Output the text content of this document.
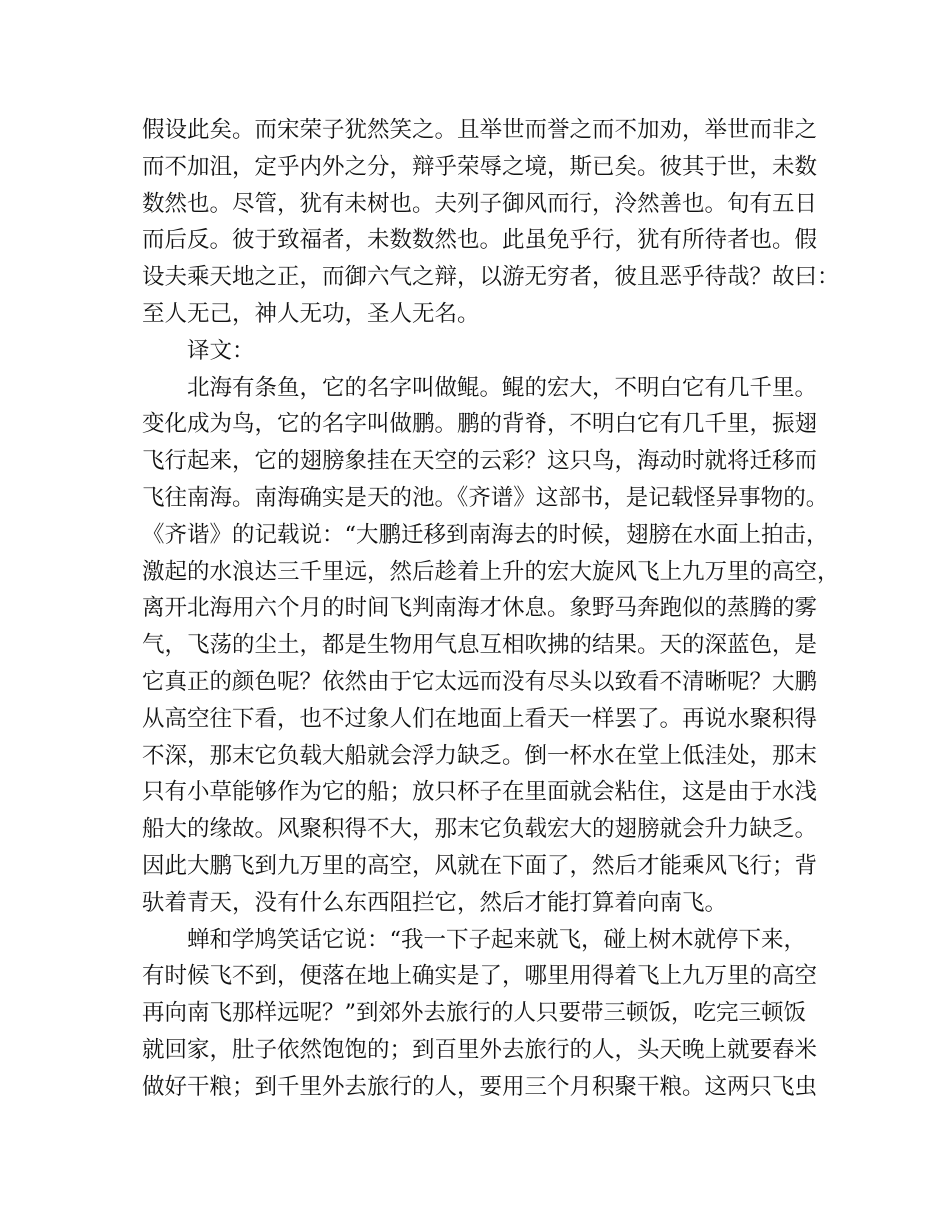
假设此矣。而宋荣子犹然笑之。且举世而誉之而不加劝，举世而非之
而不加沮，定乎内外之分，辩乎荣辱之境，斯已矣。彼其于世，未数
数然也。尽管，犹有未树也。夫列子御风而行，泠然善也。旬有五日
而后反。彼于致福者，未数数然也。此虽免乎行，犹有所待者也。假
设夫乘天地之正，而御六气之辩，以游无穷者，彼且恶乎待哉？故曰：
至人无己，神人无功，圣人无名。
译文：
北海有条鱼，它的名字叫做鲲。鲲的宏大，不明白它有几千里。
变化成为鸟，它的名字叫做鹏。鹏的背脊，不明白它有几千里，振翅
飞行起来，它的翅膀象挂在天空的云彩？这只鸟，海动时就将迁移而
飞往南海。南海确实是天的池。《齐谱》这部书，是记载怪异事物的。
《齐谐》的记载说：“大鹏迁移到南海去的时候，翅膀在水面上拍击，
激起的水浪达三千里远，然后趁着上升的宏大旋风飞上九万里的高空，
离开北海用六个月的时间飞判南海才休息。象野马奔跑似的蒸腾的雾
气，飞荡的尘土，都是生物用气息互相吹拂的结果。天的深蓝色，是
它真正的颜色呢？依然由于它太远而没有尽头以致看不清晰呢？大鹏
从高空往下看，也不过象人们在地面上看天一样罢了。再说水聚积得
不深，那末它负载大船就会浮力缺乏。倒一杯水在堂上低洼处，那末
只有小草能够作为它的船；放只杯子在里面就会粘住，这是由于水浅
船大的缘故。风聚积得不大，那末它负载宏大的翅膀就会升力缺乏。
因此大鹏飞到九万里的高空，风就在下面了，然后才能乘风飞行；背
驮着青天，没有什么东西阻拦它，然后才能打算着向南飞。
蝉和学鸠笑话它说：“我一下子起来就飞，碰上树木就停下来，
有时候飞不到，便落在地上确实是了，哪里用得着飞上九万里的高空
再向南飞那样远呢？”到郊外去旅行的人只要带三顿饭，吃完三顿饭
就回家，肚子依然饱饱的；到百里外去旅行的人，头天晚上就要舂米
做好干粮；到千里外去旅行的人，要用三个月积聚干粮。这两只飞虫
